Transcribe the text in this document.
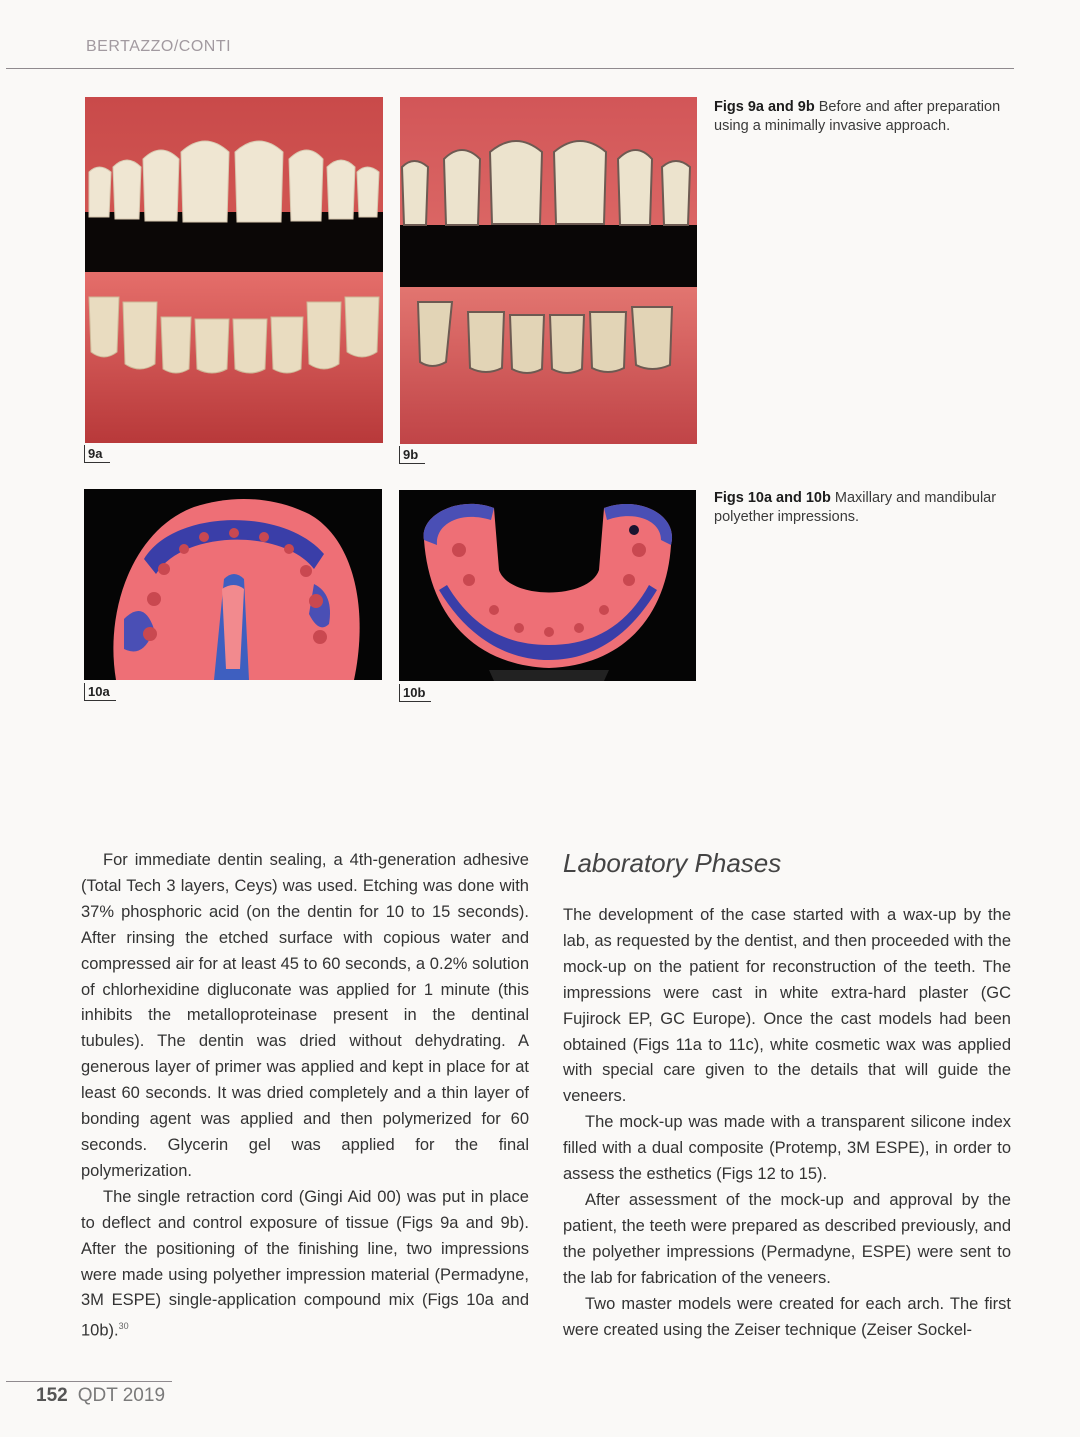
BERTAZZO/CONTI
9a	9b
Figs 9a and 9b Before and after preparation using a minimally invasive approach.
10a	10b
Figs 10a and 10b Maxillary and mandibular polyether impressions.

For immediate dentin sealing, a 4th-generation adhesive (Total Tech 3 layers, Ceys) was used. Etching was done with 37% phosphoric acid (on the dentin for 10 to 15 seconds). After rinsing the etched surface with copious water and compressed air for at least 45 to 60 seconds, a 0.2% solution of chlorhexidine digluconate was applied for 1 minute (this inhibits the metalloproteinase present in the dentinal tubules). The dentin was dried without dehydrating. A generous layer of primer was applied and kept in place for at least 60 seconds. It was dried completely and a thin layer of bonding agent was applied and then polymerized for 60 seconds. Glycerin gel was applied for the final polymerization.

The single retraction cord (Gingi Aid 00) was put in place to deflect and control exposure of tissue (Figs 9a and 9b). After the positioning of the finishing line, two impressions were made using polyether impression material (Permadyne, 3M ESPE) single-application compound mix (Figs 10a and 10b).$^{30}$

Laboratory Phases

The development of the case started with a wax-up by the lab, as requested by the dentist, and then proceeded with the mock-up on the patient for reconstruction of the teeth. The impressions were cast in white extra-hard plaster (GC Fujirock EP, GC Europe). Once the cast models had been obtained (Figs 11a to 11c), white cosmetic wax was applied with special care given to the details that will guide the veneers.

The mock-up was made with a transparent silicone index filled with a dual composite (Protemp, 3M ESPE), in order to assess the esthetics (Figs 12 to 15).

After assessment of the mock-up and approval by the patient, the teeth were prepared as described previously, and the polyether impressions (Permadyne, ESPE) were sent to the lab for fabrication of the veneers.

Two master models were created for each arch. The first were created using the Zeiser technique (Zeiser Sockel-

152 QDT 2019
